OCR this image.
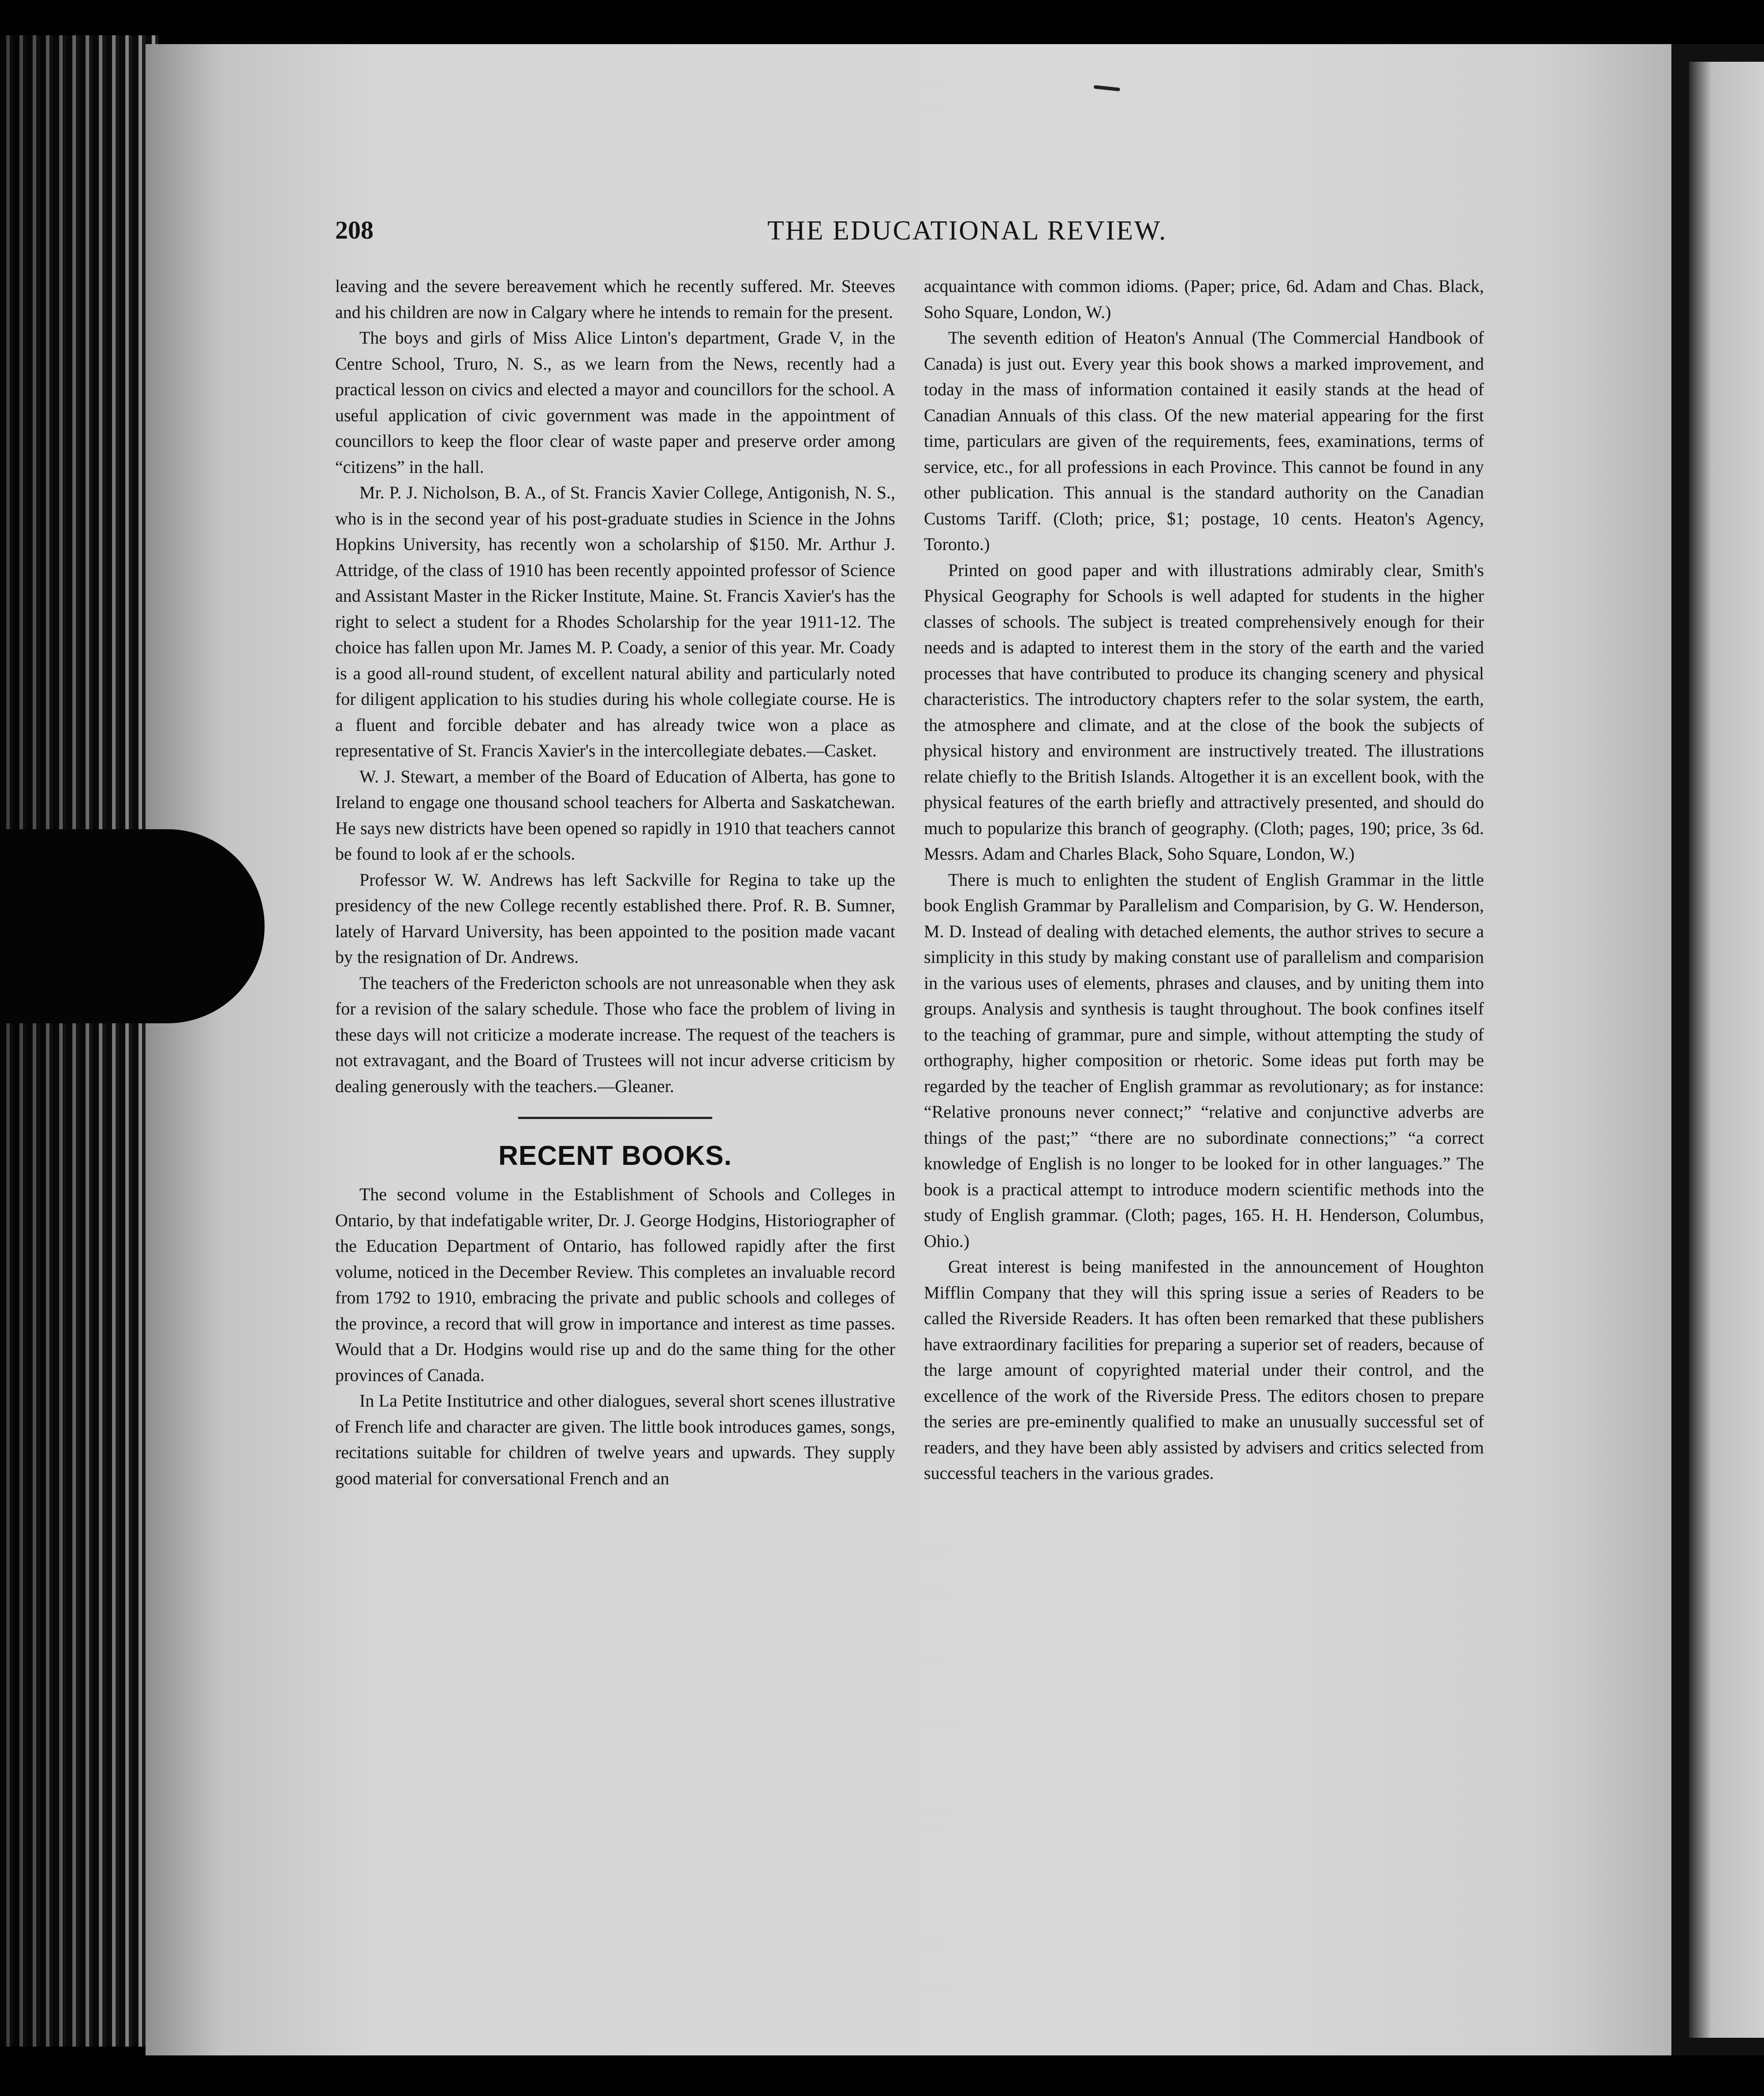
208	THE EDUCATIONAL REVIEW.

leaving and the severe bereavement which he recently suffered. Mr. Steeves and his children are now in Calgary where he intends to remain for the present.

The boys and girls of Miss Alice Linton's department, Grade V, in the Centre School, Truro, N. S., as we learn from the News, recently had a practical lesson on civics and elected a mayor and councillors for the school. A useful application of civic government was made in the appointment of councillors to keep the floor clear of waste paper and preserve order among “citizens” in the hall.

Mr. P. J. Nicholson, B. A., of St. Francis Xavier College, Antigonish, N. S., who is in the second year of his post-graduate studies in Science in the Johns Hopkins University, has recently won a scholarship of $150. Mr. Arthur J. Attridge, of the class of 1910 has been recently appointed professor of Science and Assistant Master in the Ricker Institute, Maine. St. Francis Xavier's has the right to select a student for a Rhodes Scholarship for the year 1911-12. The choice has fallen upon Mr. James M. P. Coady, a senior of this year. Mr. Coady is a good all-round student, of excellent natural ability and particularly noted for diligent application to his studies during his whole collegiate course. He is a fluent and forcible debater and has already twice won a place as representative of St. Francis Xavier's in the intercollegiate debates.—Casket.

W. J. Stewart, a member of the Board of Education of Alberta, has gone to Ireland to engage one thousand school teachers for Alberta and Saskatchewan. He says new districts have been opened so rapidly in 1910 that teachers cannot be found to look af er the schools.

Professor W. W. Andrews has left Sackville for Regina to take up the presidency of the new College recently established there. Prof. R. B. Sumner, lately of Harvard University, has been appointed to the position made vacant by the resignation of Dr. Andrews.

The teachers of the Fredericton schools are not unreasonable when they ask for a revision of the salary schedule. Those who face the problem of living in these days will not criticize a moderate increase. The request of the teachers is not extravagant, and the Board of Trustees will not incur adverse criticism by dealing generously with the teachers.—Gleaner.

RECENT BOOKS.

The second volume in the Establishment of Schools and Colleges in Ontario, by that indefatigable writer, Dr. J. George Hodgins, Historiographer of the Education Department of Ontario, has followed rapidly after the first volume, noticed in the December Review. This completes an invaluable record from 1792 to 1910, embracing the private and public schools and colleges of the province, a record that will grow in importance and interest as time passes. Would that a Dr. Hodgins would rise up and do the same thing for the other provinces of Canada.

In La Petite Institutrice and other dialogues, several short scenes illustrative of French life and character are given. The little book introduces games, songs, recitations suitable for children of twelve years and upwards. They supply good material for conversational French and an

acquaintance with common idioms. (Paper; price, 6d. Adam and Chas. Black, Soho Square, London, W.)

The seventh edition of Heaton's Annual (The Commercial Handbook of Canada) is just out. Every year this book shows a marked improvement, and today in the mass of information contained it easily stands at the head of Canadian Annuals of this class. Of the new material appearing for the first time, particulars are given of the requirements, fees, examinations, terms of service, etc., for all professions in each Province. This cannot be found in any other publication. This annual is the standard authority on the Canadian Customs Tariff. (Cloth; price, $1; postage, 10 cents. Heaton's Agency, Toronto.)

Printed on good paper and with illustrations admirably clear, Smith's Physical Geography for Schools is well adapted for students in the higher classes of schools. The subject is treated comprehensively enough for their needs and is adapted to interest them in the story of the earth and the varied processes that have contributed to produce its changing scenery and physical characteristics. The introductory chapters refer to the solar system, the earth, the atmosphere and climate, and at the close of the book the subjects of physical history and environment are instructively treated. The illustrations relate chiefly to the British Islands. Altogether it is an excellent book, with the physical features of the earth briefly and attractively presented, and should do much to popularize this branch of geography. (Cloth; pages, 190; price, 3s 6d. Messrs. Adam and Charles Black, Soho Square, London, W.)

There is much to enlighten the student of English Grammar in the little book English Grammar by Parallelism and Comparision, by G. W. Henderson, M. D. Instead of dealing with detached elements, the author strives to secure a simplicity in this study by making constant use of parallelism and comparision in the various uses of elements, phrases and clauses, and by uniting them into groups. Analysis and synthesis is taught throughout. The book confines itself to the teaching of grammar, pure and simple, without attempting the study of orthography, higher composition or rhetoric. Some ideas put forth may be regarded by the teacher of English grammar as revolutionary; as for instance: “Relative pronouns never connect;” “relative and conjunctive adverbs are things of the past;” “there are no subordinate connections;” “a correct knowledge of English is no longer to be looked for in other languages.” The book is a practical attempt to introduce modern scientific methods into the study of English grammar. (Cloth; pages, 165. H. H. Henderson, Columbus, Ohio.)

Great interest is being manifested in the announcement of Houghton Mifflin Company that they will this spring issue a series of Readers to be called the Riverside Readers. It has often been remarked that these publishers have extraordinary facilities for preparing a superior set of readers, because of the large amount of copyrighted material under their control, and the excellence of the work of the Riverside Press. The editors chosen to prepare the series are pre-eminently qualified to make an unusually successful set of readers, and they have been ably assisted by advisers and critics selected from successful teachers in the various grades.
